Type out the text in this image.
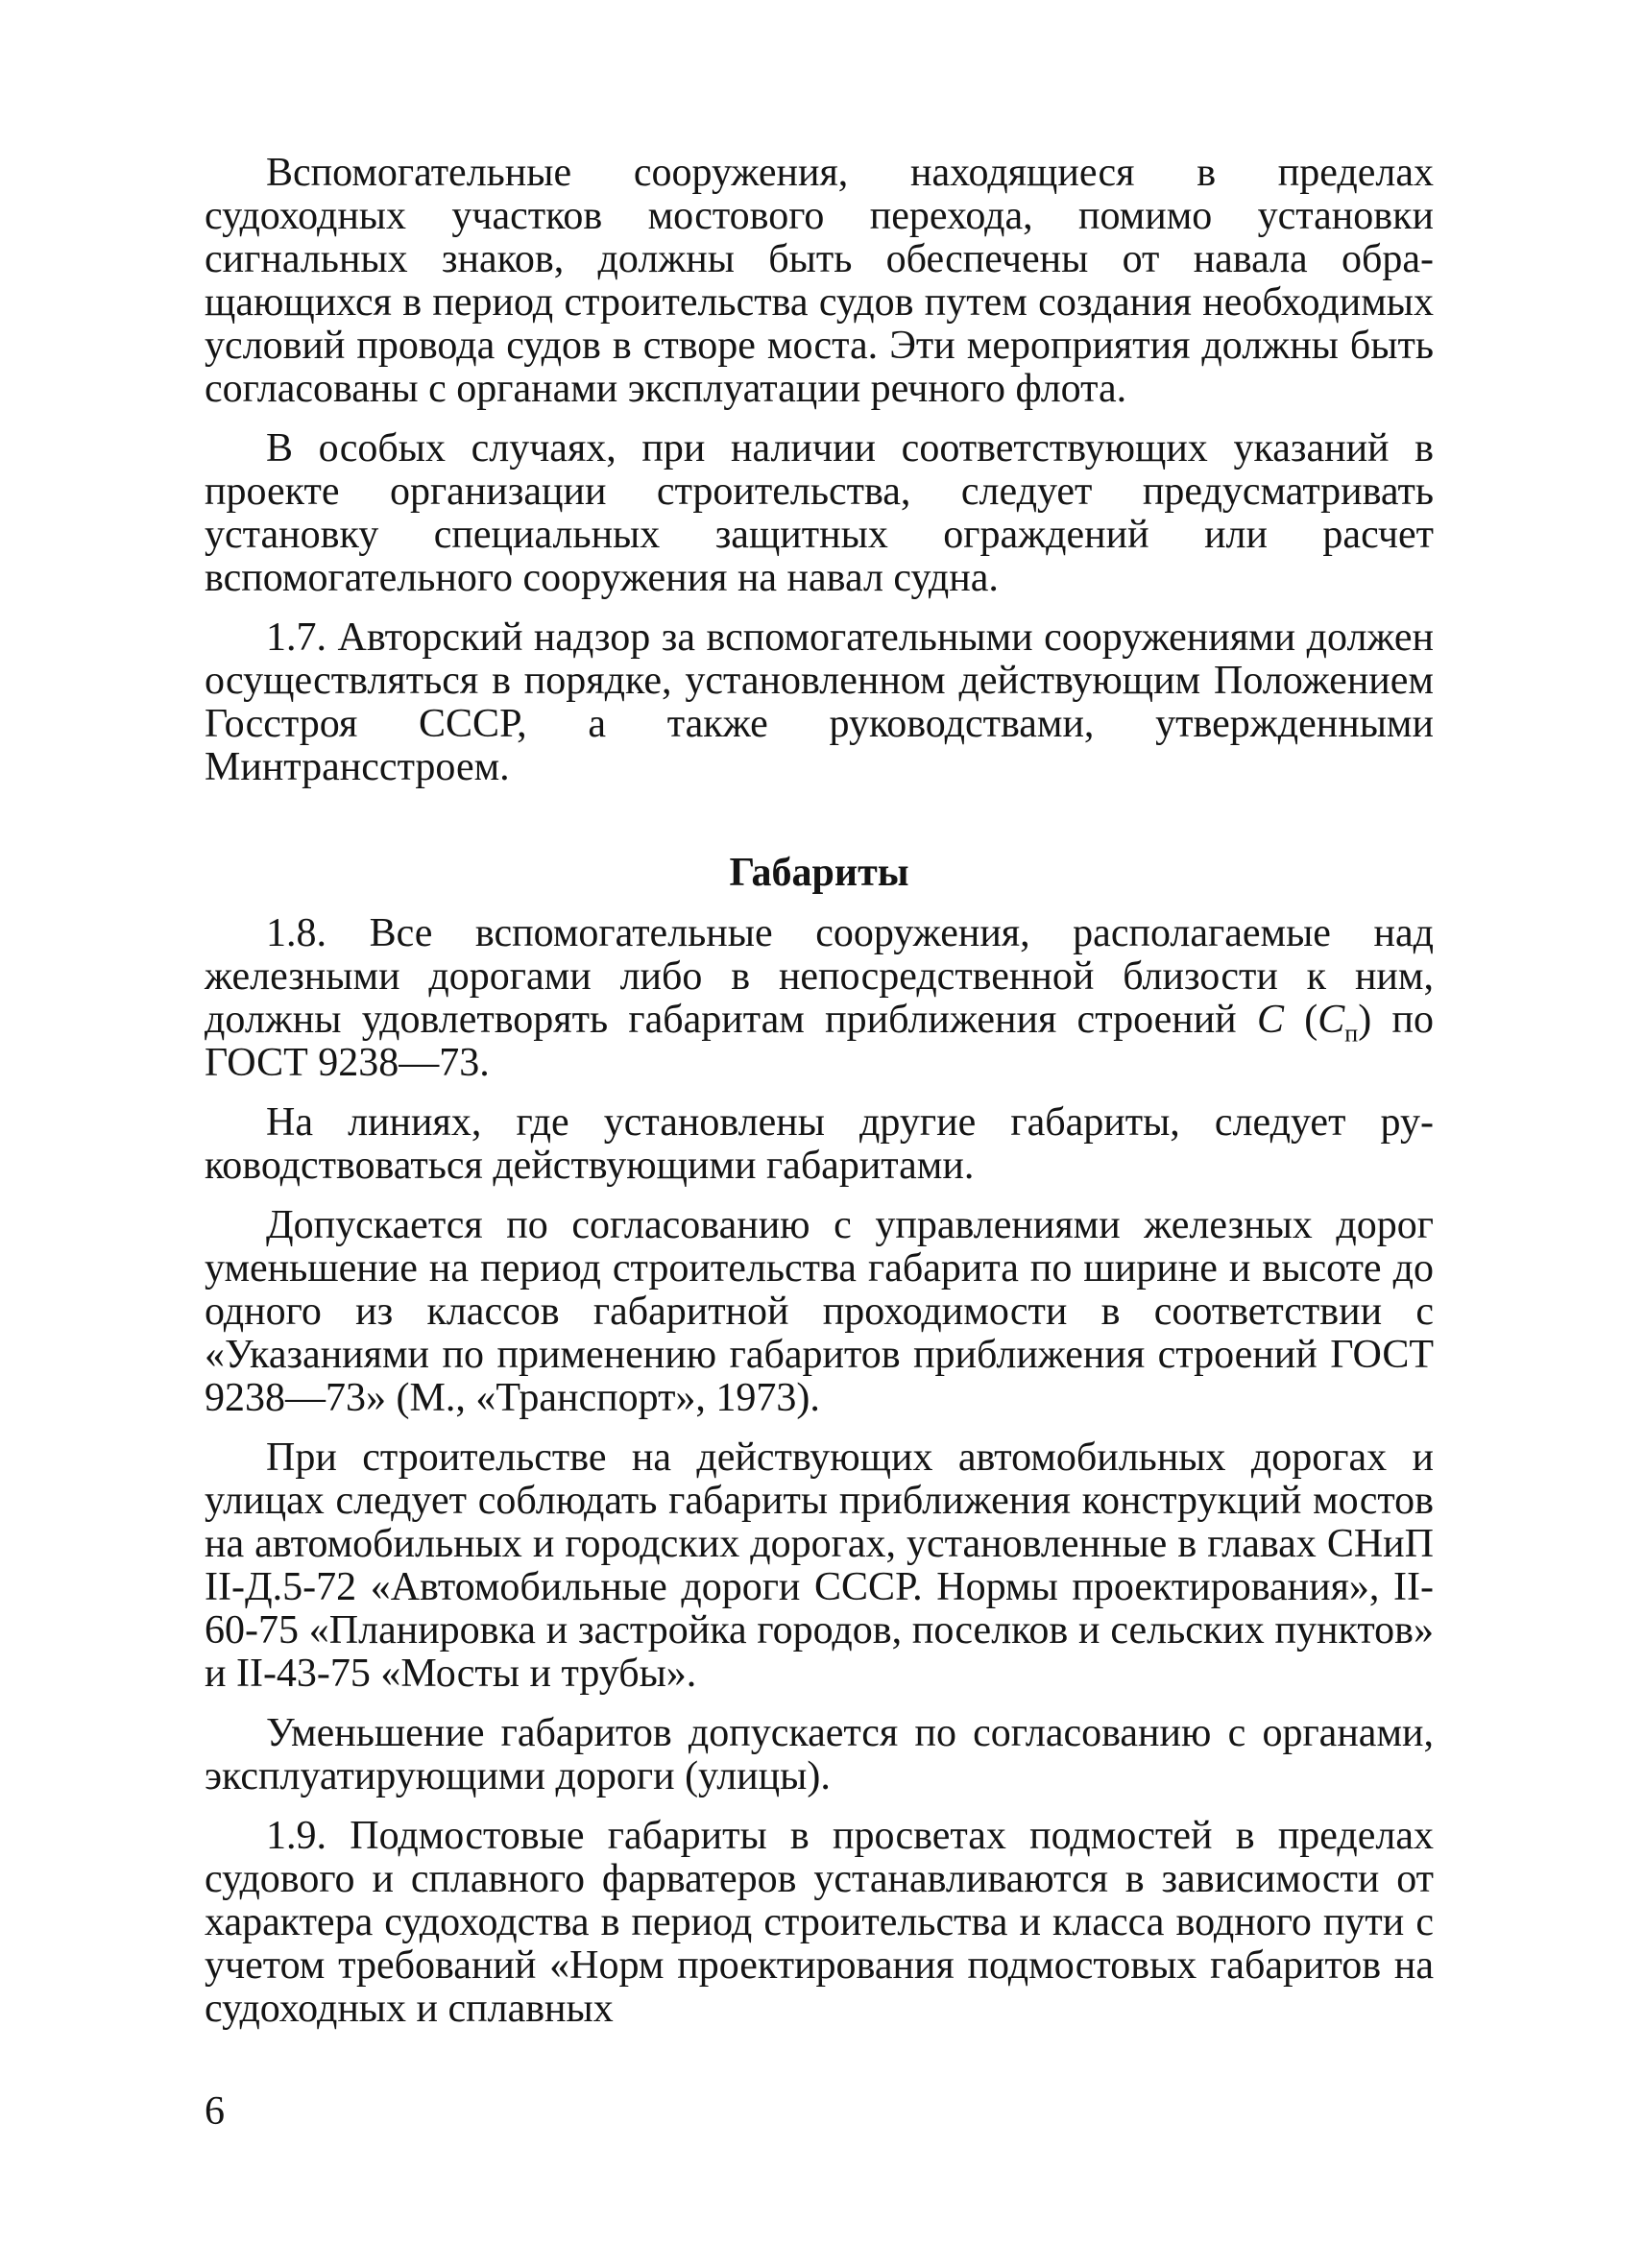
Вспомогательные сооружения, находящиеся в пределах судоходных участков мостового перехода, помимо установки сигнальных знаков, должны быть обеспечены от навала обращающихся в период строительства судов путем создания необходимых условий провода судов в створе моста. Эти мероприятия должны быть согласованы с органами эксплуатации речного флота.

В особых случаях, при наличии соответствующих указаний в проекте организации строительства, следует предусматривать установку специальных защитных ограждений или расчет вспомогательного сооружения на навал судна.

1.7. Авторский надзор за вспомогательными сооружениями должен осуществляться в порядке, установленном действующим Положением Госстроя СССР, а также руководствами, утвержденными Минтрансстроем.

Габариты

1.8. Все вспомогательные сооружения, располагаемые над железными дорогами либо в непосредственной близости к ним, должны удовлетворять габаритам приближения строений С $(С_п)$ по ГОСТ 9238—73.

На линиях, где установлены другие габариты, следует руководствоваться действующими габаритами.

Допускается по согласованию с управлениями железных дорог уменьшение на период строительства габарита по ширине и высоте до одного из классов габаритной проходимости в соответствии с «Указаниями по применению габаритов приближения строений ГОСТ 9238—73» (М., «Транспорт», 1973).

При строительстве на действующих автомобильных дорогах и улицах следует соблюдать габариты приближения конструкций мостов на автомобильных и городских дорогах, установленные в главах СНиП II-Д.5-72 «Автомобильные дороги СССР. Нормы проектирования», II-60-75 «Планировка и застройка городов, поселков и сельских пунктов» и II-43-75 «Мосты и трубы».

Уменьшение габаритов допускается по согласованию с органами, эксплуатирующими дороги (улицы).

1.9. Подмостовые габариты в просветах подмостей в пределах судового и сплавного фарватеров устанавливаются в зависимости от характера судоходства в период строительства и класса водного пути с учетом требований «Норм проектирования подмостовых габаритов на судоходных и сплавных

6
